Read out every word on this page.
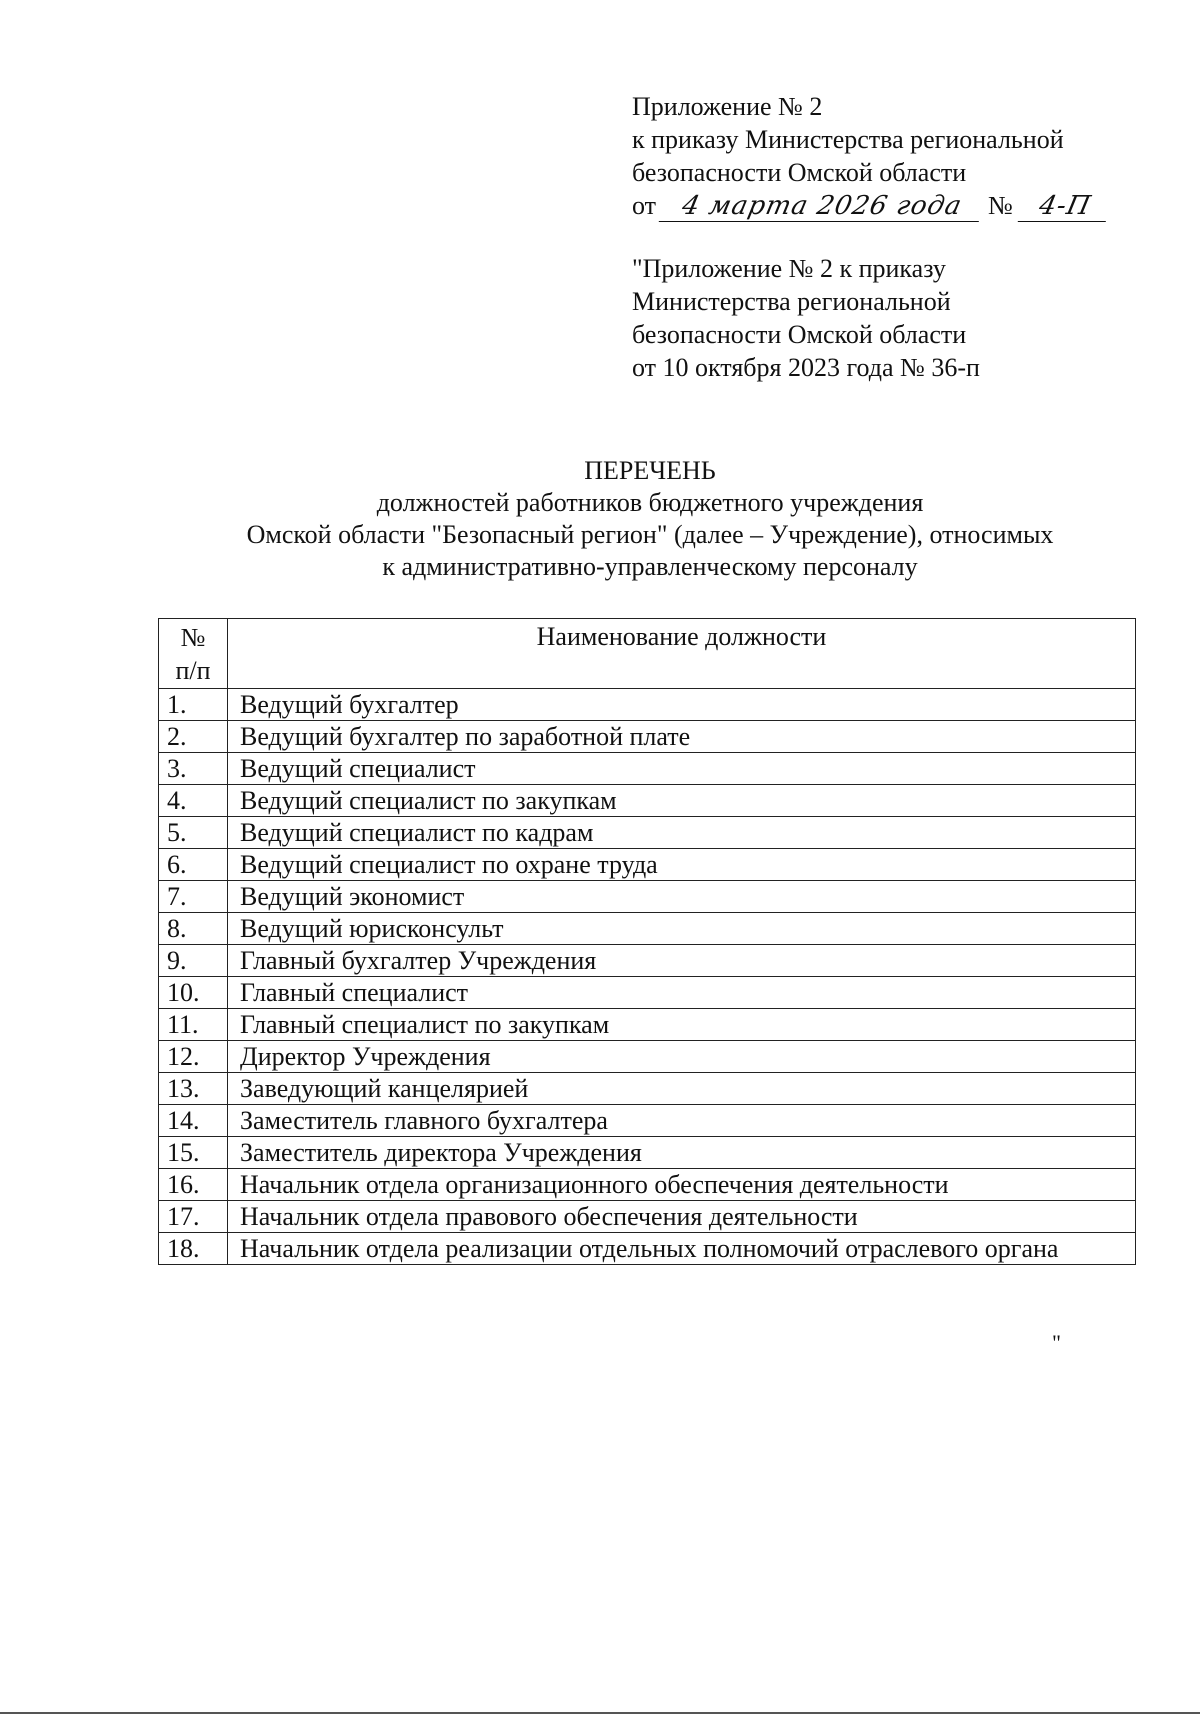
Приложение № 2
к приказу Министерства региональной
безопасности Омской области
от 4 марта 2026 года № 4-П
"Приложение № 2 к приказу
Министерства региональной
безопасности Омской области
от 10 октября 2023 года № 36-п
ПЕРЕЧЕНЬ
должностей работников бюджетного учреждения
Омской области "Безопасный регион" (далее – Учреждение), относимых
к административно-управленческому персоналу
№
п/п	Наименование должности
1.	Ведущий бухгалтер
2.	Ведущий бухгалтер по заработной плате
3.	Ведущий специалист
4.	Ведущий специалист по закупкам
5.	Ведущий специалист по кадрам
6.	Ведущий специалист по охране труда
7.	Ведущий экономист
8.	Ведущий юрисконсульт
9.	Главный бухгалтер Учреждения
10.	Главный специалист
11.	Главный специалист по закупкам
12.	Директор Учреждения
13.	Заведующий канцелярией
14.	Заместитель главного бухгалтера
15.	Заместитель директора Учреждения
16.	Начальник отдела организационного обеспечения деятельности
17.	Начальник отдела правового обеспечения деятельности
18.	Начальник отдела реализации отдельных полномочий отраслевого органа
"
